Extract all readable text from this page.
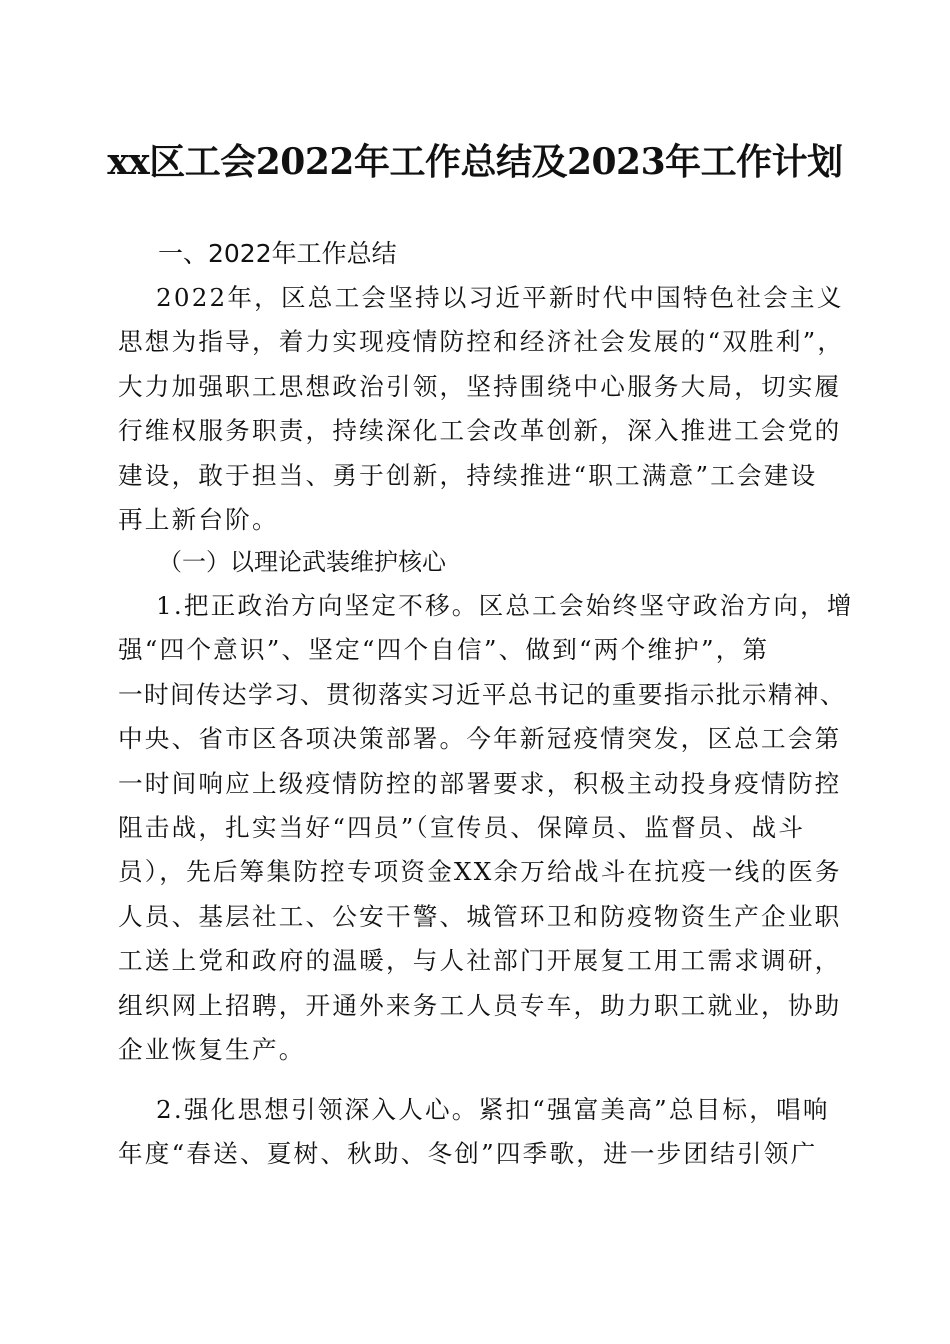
xx区工会2022年工作总结及2023年工作计划
一、2022年工作总结
2022年，区总工会坚持以习近平新时代中国特色社会主义
思想为指导，着力实现疫情防控和经济社会发展的“双胜利”，
大力加强职工思想政治引领，坚持围绕中心服务大局，切实履
行维权服务职责，持续深化工会改革创新，深入推进工会党的
建设，敢于担当、勇于创新，持续推进“职工满意”工会建设
再上新台阶。
（一）以理论武装维护核心
1.把正政治方向坚定不移。区总工会始终坚守政治方向，增
强“四个意识”、坚定“四个自信”、做到“两个维护”，第
一时间传达学习、贯彻落实习近平总书记的重要指示批示精神、
中央、省市区各项决策部署。今年新冠疫情突发，区总工会第
一时间响应上级疫情防控的部署要求，积极主动投身疫情防控
阻击战，扎实当好“四员”（宣传员、保障员、监督员、战斗
员），先后筹集防控专项资金XX余万给战斗在抗疫一线的医务
人员、基层社工、公安干警、城管环卫和防疫物资生产企业职
工送上党和政府的温暖，与人社部门开展复工用工需求调研，
组织网上招聘，开通外来务工人员专车，助力职工就业，协助
企业恢复生产。
2.强化思想引领深入人心。紧扣“强富美高”总目标，唱响
年度“春送、夏树、秋助、冬创”四季歌，进一步团结引领广
